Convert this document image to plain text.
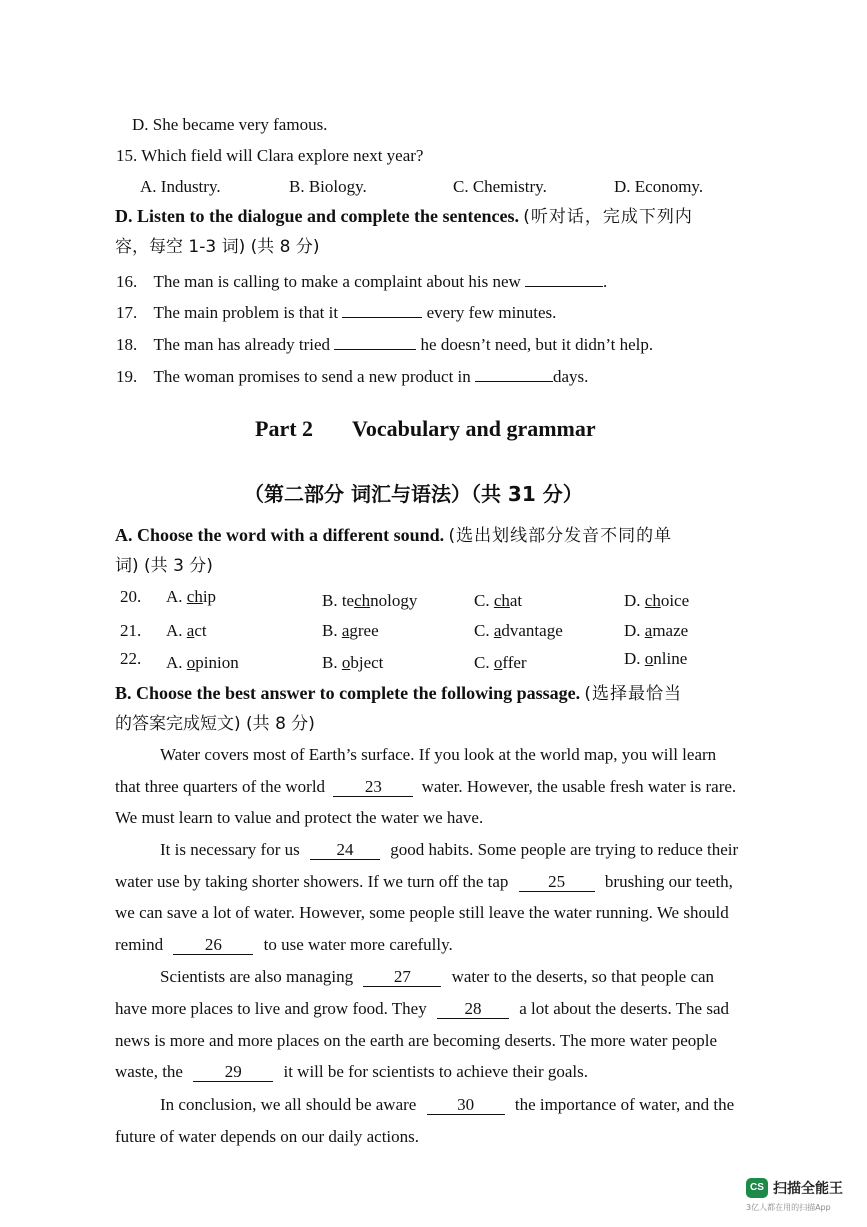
D. She became very famous.
15. Which field will Clara explore next year?
A. Industry.	B. Biology.	C. Chemistry.	D. Economy.
D. Listen to the dialogue and complete the sentences. (听对话，完成下列内
容，每空 1-3 词) (共 8 分)
16. The man is calling to make a complaint about his new	.
17. The main problem is that it	every few minutes.
18. The man has already tried	he doesn’t need, but it didn’t help.
19. The woman promises to send a new product in	days.
Part 2 Vocabulary and grammar
（第二部分 词汇与语法）（共 31 分）
A. Choose the word with a different sound. (选出划线部分发音不同的单
词) (共 3 分)
20. A. chip	B. technology	C. chat	D. choice
21. A. act	B. agree	C. advantage	D. amaze
22. A. opinion	B. object	C. offer	D. online
B. Choose the best answer to complete the following passage. (选择最恰当
的答案完成短文) (共 8 分)
Water covers most of Earth’s surface. If you look at the world map, you will learn
that three quarters of the world 23 water. However, the usable fresh water is rare.
We must learn to value and protect the water we have.
It is necessary for us 24 good habits. Some people are trying to reduce their
water use by taking shorter showers. If we turn off the tap 25 brushing our teeth,
we can save a lot of water. However, some people still leave the water running. We should
remind 26 to use water more carefully.
Scientists are also managing 27 water to the deserts, so that people can
have more places to live and grow food. They 28 a lot about the deserts. The sad
news is more and more places on the earth are becoming deserts. The more water people
waste, the 29 it will be for scientists to achieve their goals.
In conclusion, we all should be aware 30 the importance of water, and the
future of water depends on our daily actions.
CS 扫描全能王
3亿人都在用的扫描App
